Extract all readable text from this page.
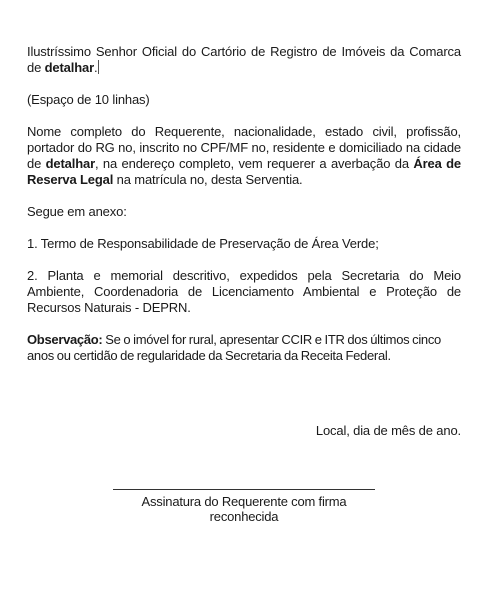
Ilustríssimo Senhor Oficial do Cartório de Registro de Imóveis da Comarca de detalhar.

(Espaço de 10 linhas)

Nome completo do Requerente, nacionalidade, estado civil, profissão, portador do RG no, inscrito no CPF/MF no, residente e domiciliado na cidade de detalhar, na endereço completo, vem requerer a averbação da Área de Reserva Legal na matrícula no, desta Serventia.

Segue em anexo:

1. Termo de Responsabilidade de Preservação de Área Verde;

2. Planta e memorial descritivo, expedidos pela Secretaria do Meio Ambiente, Coordenadoria de Licenciamento Ambiental e Proteção de Recursos Naturais - DEPRN.

Observação: Se o imóvel for rural, apresentar CCIR e ITR dos últimos cinco anos ou certidão de regularidade da Secretaria da Receita Federal.

Local, dia de mês de ano.
Assinatura do Requerente com firma reconhecida
